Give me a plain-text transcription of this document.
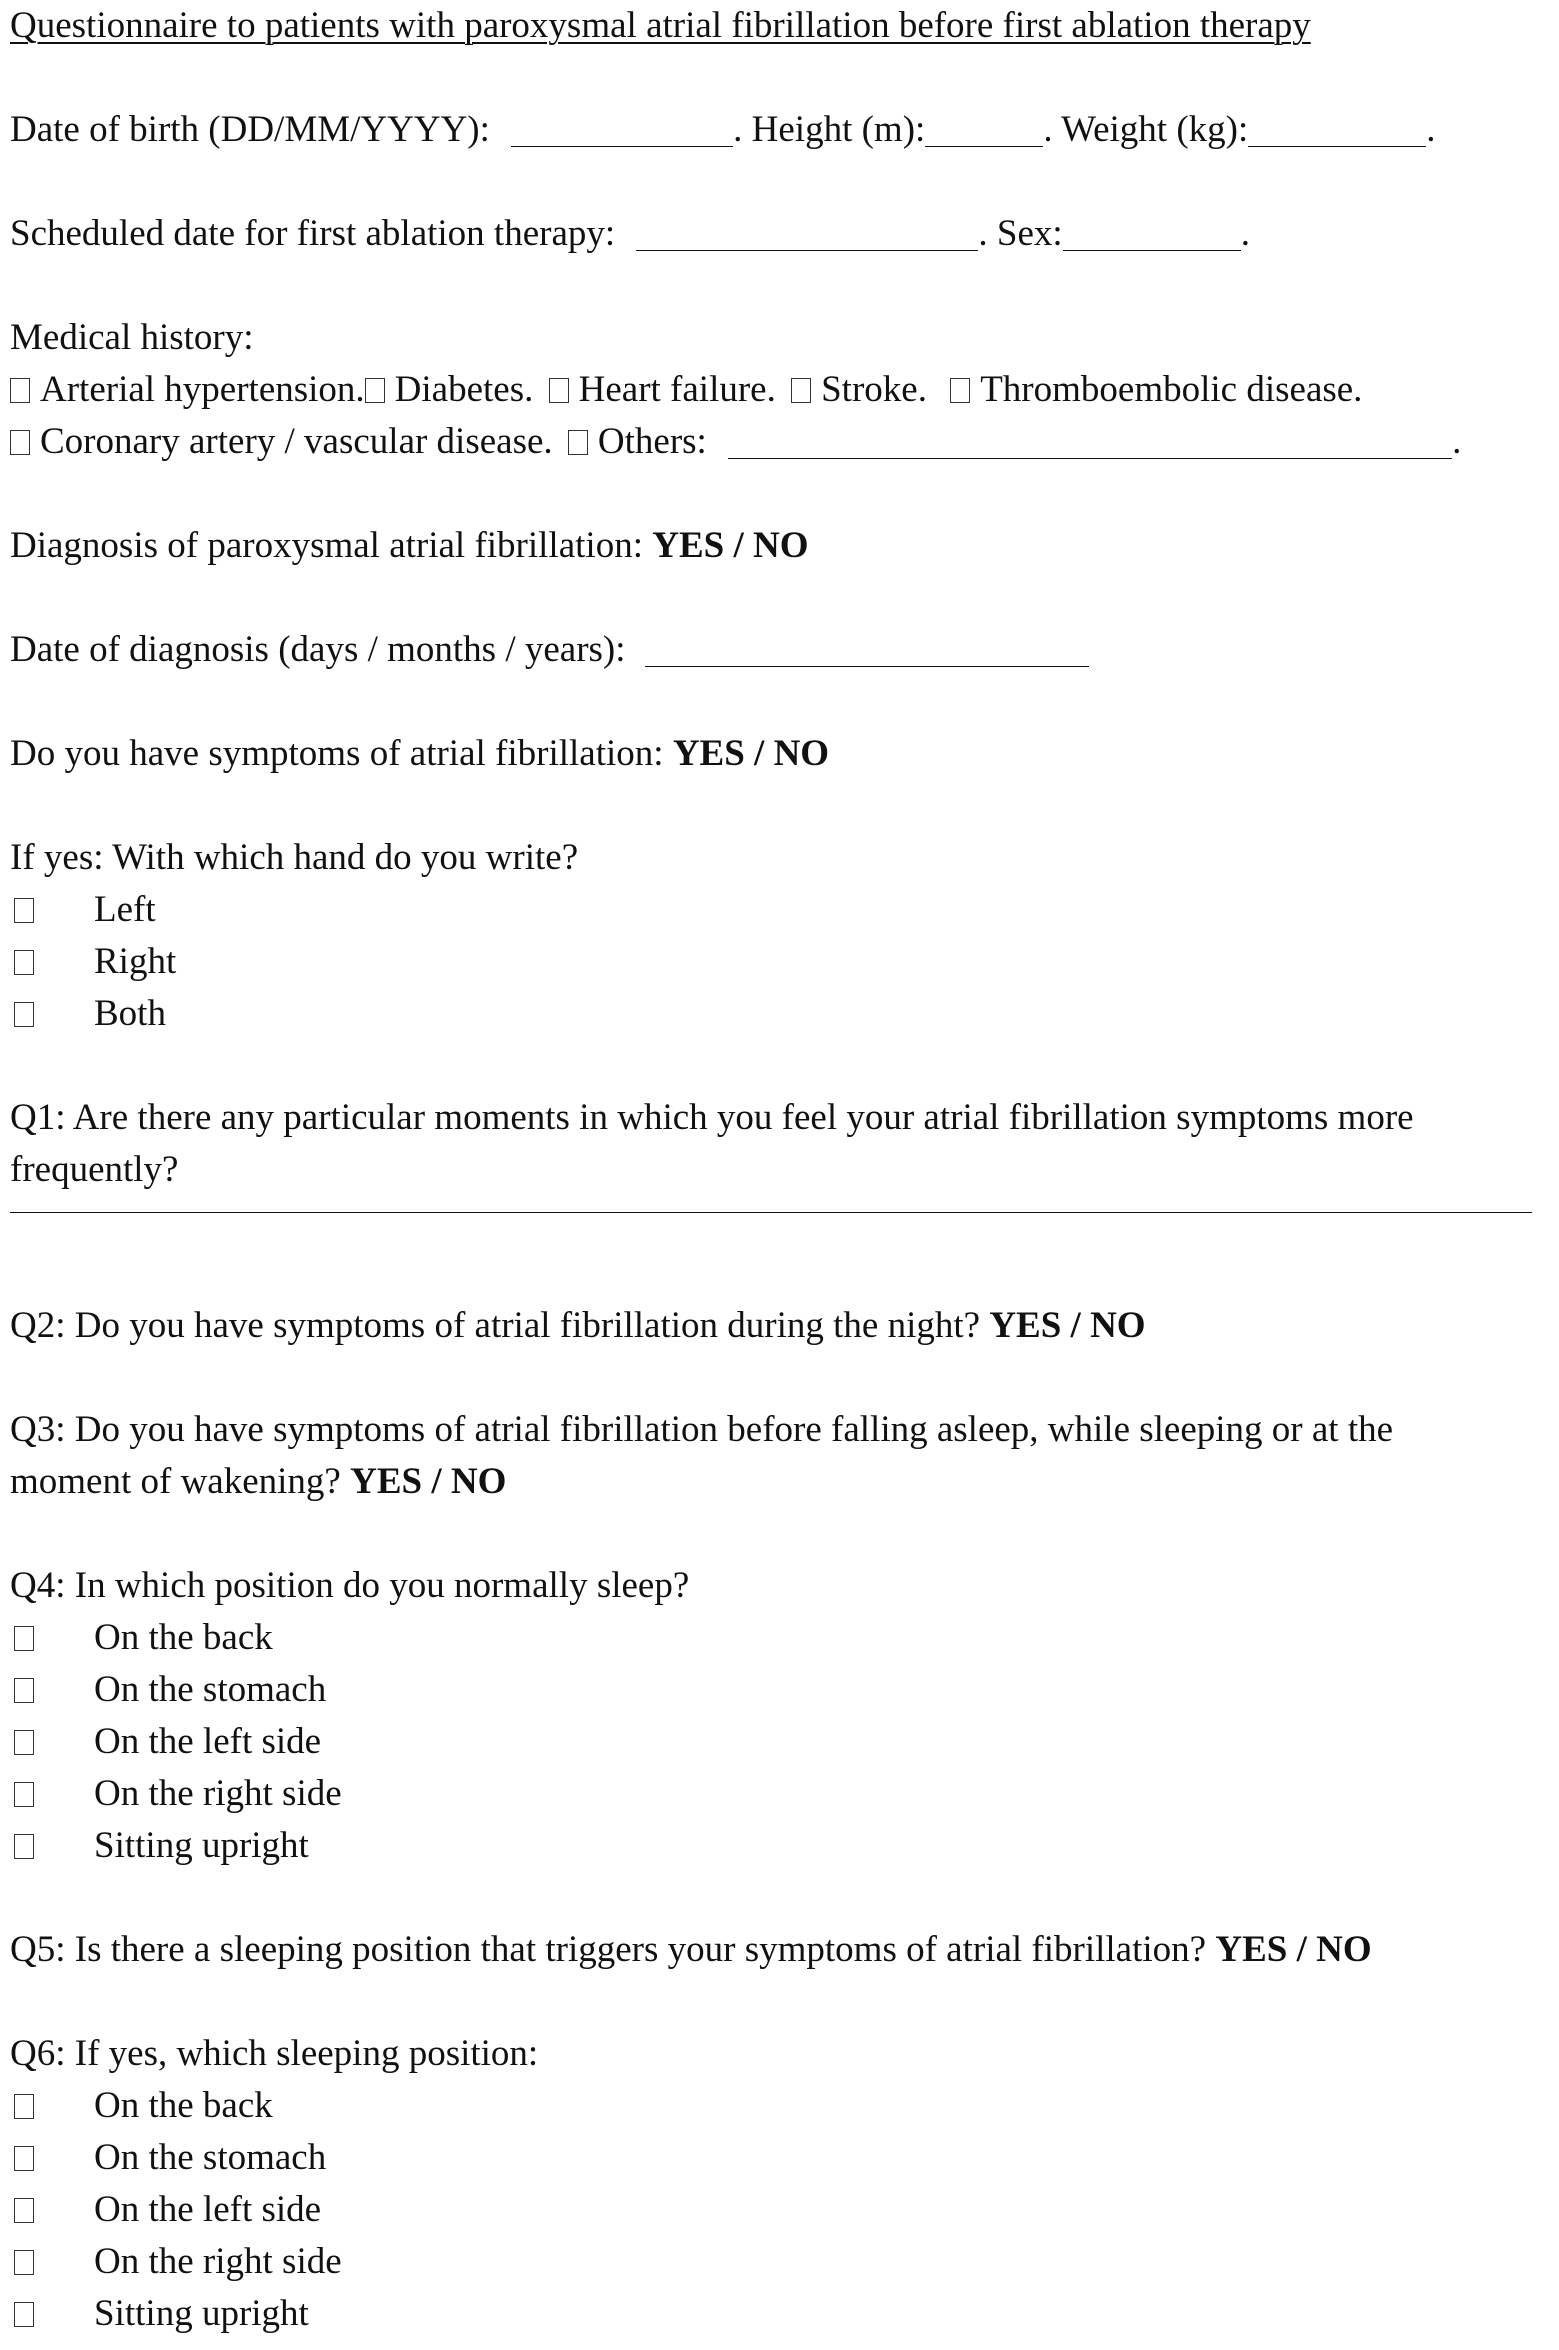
Questionnaire to patients with paroxysmal atrial fibrillation before first ablation therapy
Date of birth (DD/MM/YYYY):	. Height (m):	. Weight (kg):	.
Scheduled date for first ablation therapy:	. Sex:	.
Medical history:
Arterial hypertension. Diabetes. Heart failure. Stroke. Thromboembolic disease.
Coronary artery / vascular disease. Others:	.
Diagnosis of paroxysmal atrial fibrillation: YES / NO
Date of diagnosis (days / months / years):
Do you have symptoms of atrial fibrillation: YES / NO
If yes: With which hand do you write?
Left
Right
Both
Q1: Are there any particular moments in which you feel your atrial fibrillation symptoms more
frequently?
Q2: Do you have symptoms of atrial fibrillation during the night? YES / NO
Q3: Do you have symptoms of atrial fibrillation before falling asleep, while sleeping or at the
moment of wakening? YES / NO
Q4: In which position do you normally sleep?
On the back
On the stomach
On the left side
On the right side
Sitting upright
Q5: Is there a sleeping position that triggers your symptoms of atrial fibrillation? YES / NO
Q6: If yes, which sleeping position:
On the back
On the stomach
On the left side
On the right side
Sitting upright
